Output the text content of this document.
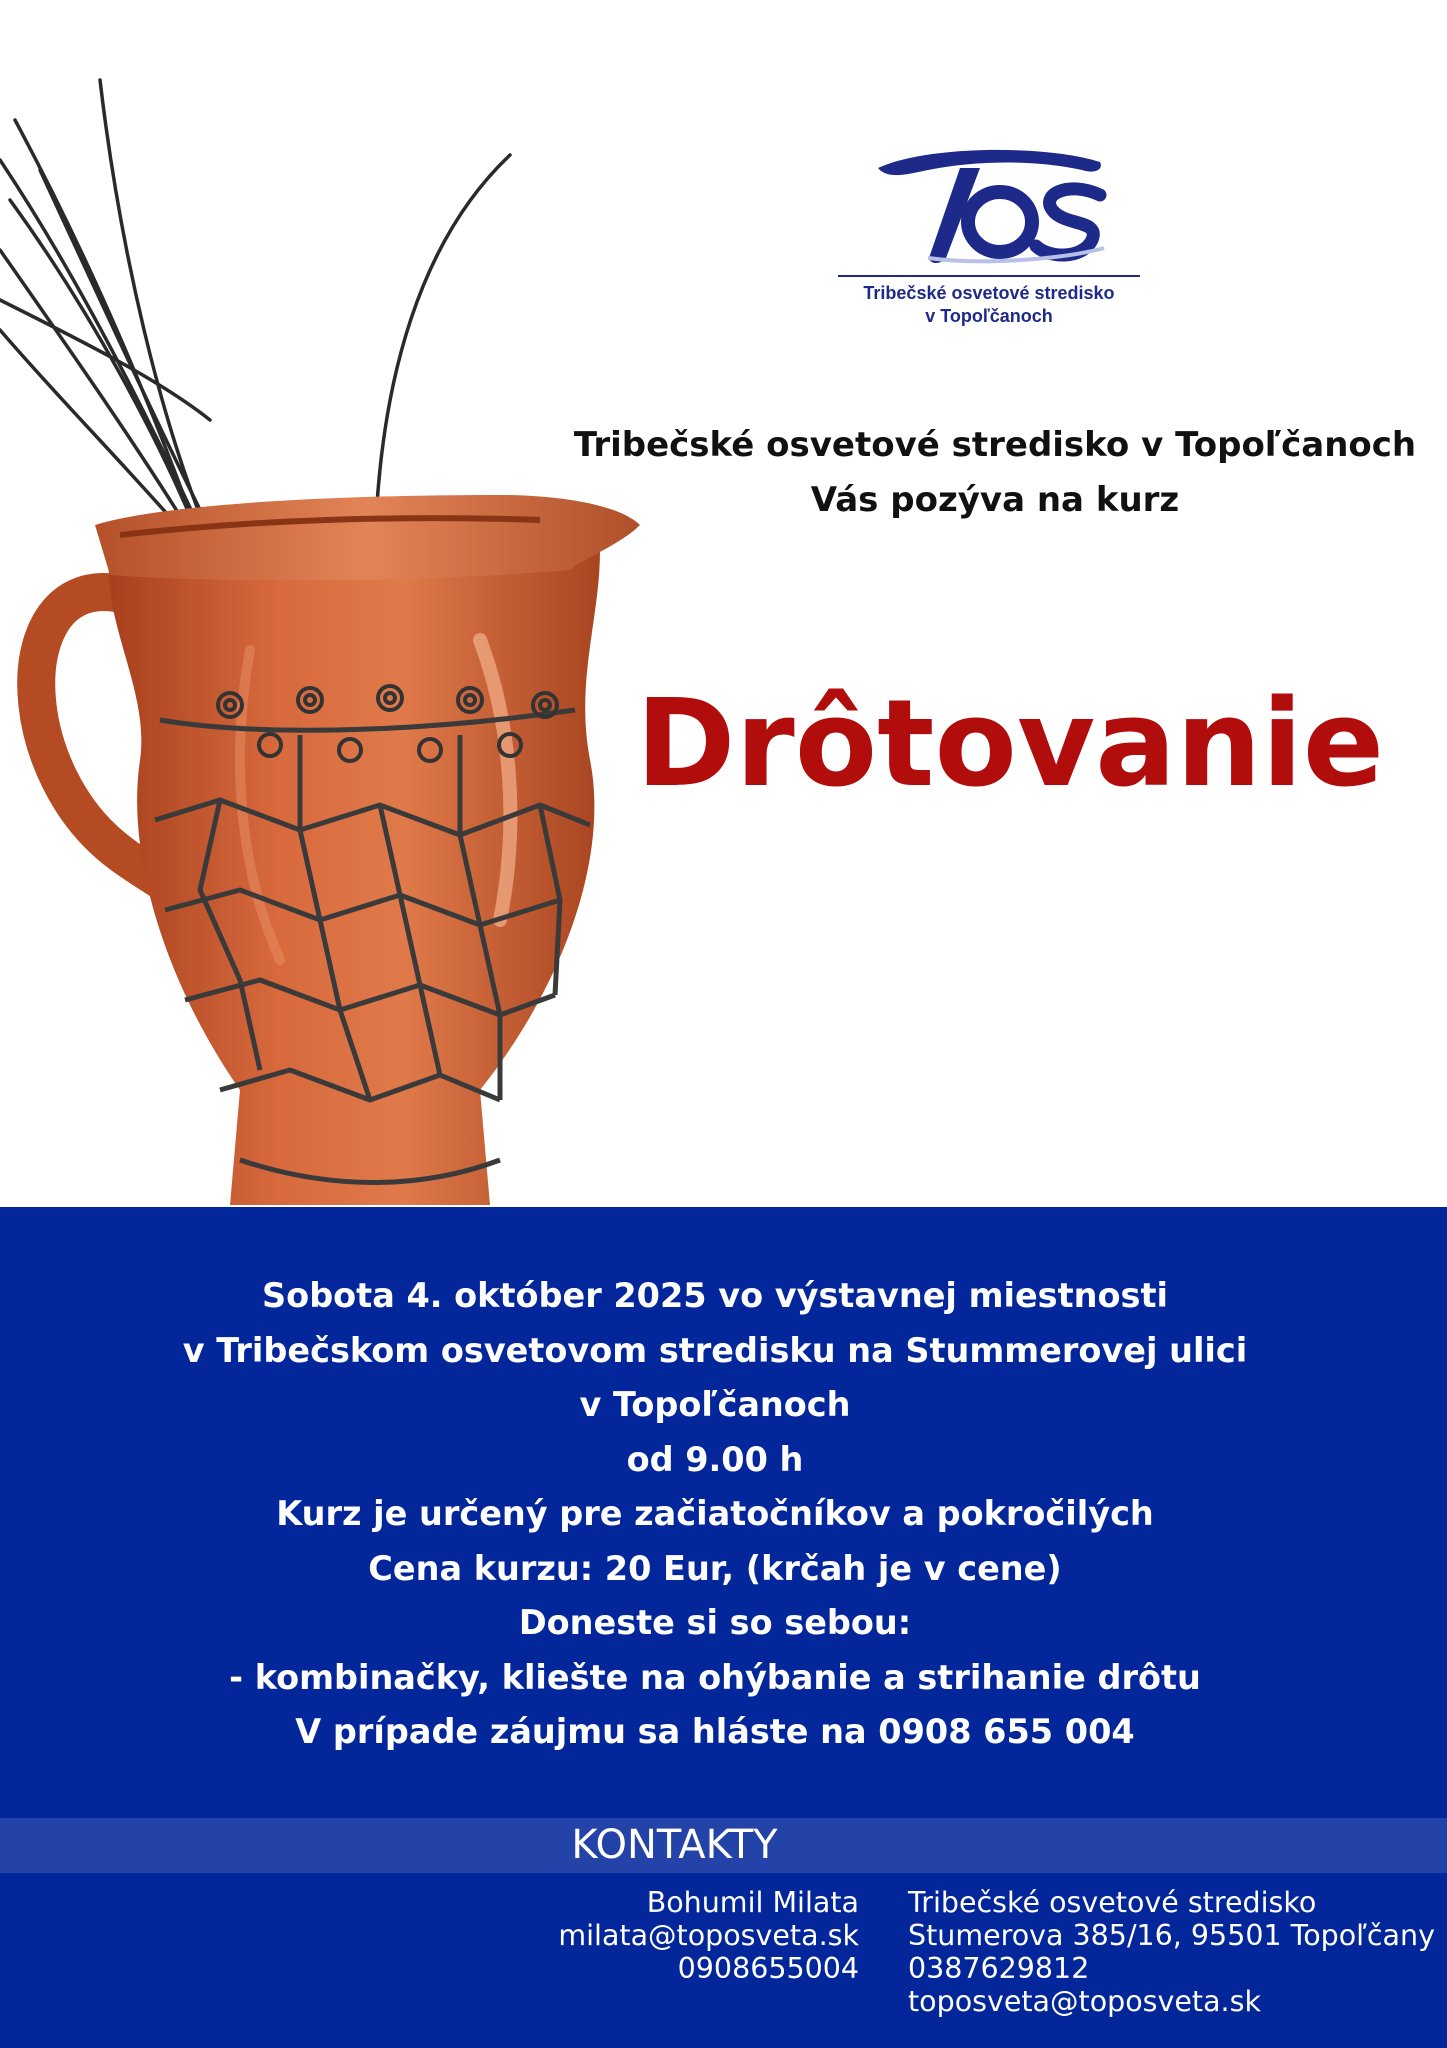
Tribečské osvetové stredisko
v Topoľčanoch
Tribečské osvetové stredisko v Topoľčanoch
Vás pozýva na kurz
Drôtovanie
Sobota 4. október 2025 vo výstavnej miestnosti
v Tribečskom osvetovom stredisku na Stummerovej ulici
v Topoľčanoch
od 9.00 h
Kurz je určený pre začiatočníkov a pokročilých
Cena kurzu: 20 Eur, (krčah je v cene)
Doneste si so sebou:
- kombinačky, kliešte na ohýbanie a strihanie drôtu
V prípade záujmu sa hláste na 0908 655 004
KONTAKTY
Bohumil Milata
milata@toposveta.sk
0908655004
Tribečské osvetové stredisko
Stumerova 385/16, 95501 Topoľčany
0387629812
toposveta@toposveta.sk
